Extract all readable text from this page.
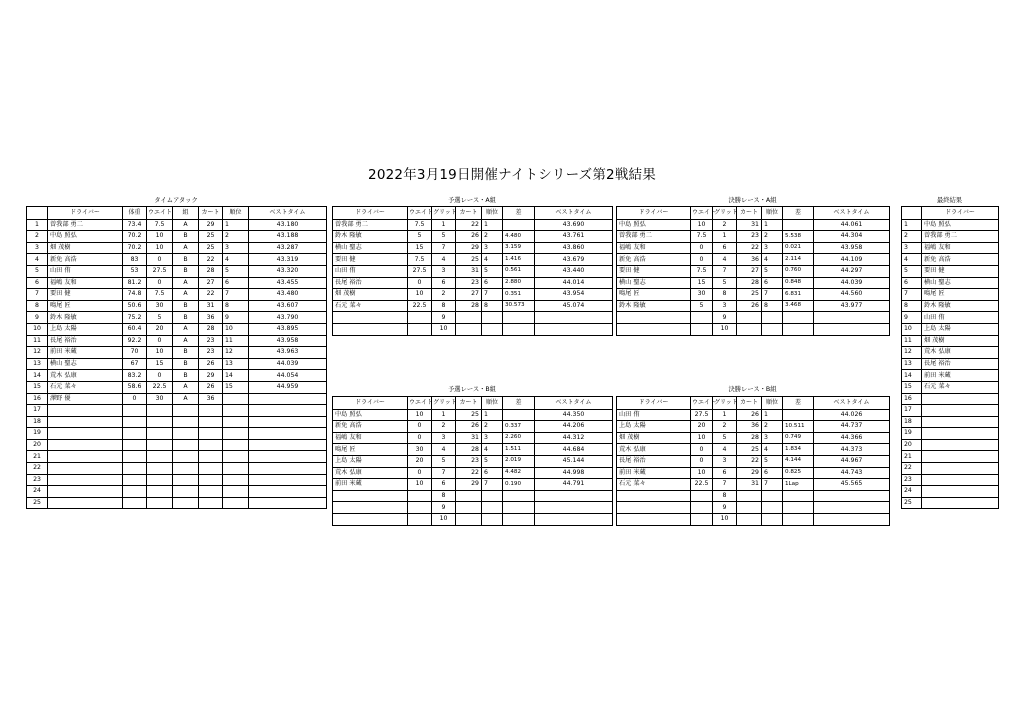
2022年3月19日開催ナイトシリーズ第2戦結果
タイムアタック
	ドライバー	体重	ウエイト	組	カート	順位	ベストタイム
1	曽我部 勇二	73.4	7.5	A	29	1	43.180
2	中島 照弘	70.2	10	B	25	2	43.188
3	畑 茂樹	70.2	10	A	25	3	43.287
4	新免 高浩	83	0	B	22	4	43.319
5	山田 侑	53	27.5	B	28	5	43.320
6	福嶋 友和	81.2	0	A	27	6	43.455
7	要田 健	74.8	7.5	A	22	7	43.480
8	鳴尾 匠	50.6	30	B	31	8	43.607
9	鈴木 隆敏	75.2	5	B	36	9	43.790
10	上島 太陽	60.4	20	A	28	10	43.895
11	長尾 裕治	92.2	0	A	23	11	43.958
12	前田 米蔵	70	10	B	23	12	43.963
13	横山 聖志	67	15	B	26	13	44.039
14	荒木 弘康	83.2	0	B	29	14	44.054
15	石元 菜々	58.6	22.5	A	26	15	44.959
16	澤野 優	0	30	A	36		
17							
18							
19							
20							
21							
22							
23							
24							
25							
予選レース・A組
ドライバー	ウエイト	グリッド	カート	順位	差	ベストタイム
曽我部 勇二	7.5	1	22	1		43.690
鈴木 隆敏	5	5	26	2	4.480	43.761
横山 聖志	15	7	29	3	3.159	43.860
要田 健	7.5	4	25	4	1.416	43.679
山田 侑	27.5	3	31	5	0.561	43.440
長尾 裕治	0	6	23	6	2.880	44.014
畑 茂樹	10	2	27	7	0.351	43.954
石元 菜々	22.5	8	28	8	30.573	45.074
		9				
		10				
決勝レース・A組
ドライバー	ウエイト	グリッド	カート	順位	差	ベストタイム
中島 照弘	10	2	31	1		44.061
曽我部 勇二	7.5	1	23	2	5.538	44.304
福嶋 友和	0	6	22	3	0.021	43.958
新免 高浩	0	4	36	4	2.114	44.109
要田 健	7.5	7	27	5	0.760	44.297
横山 聖志	15	5	28	6	0.848	44.039
鳴尾 匠	30	8	25	7	6.831	44.560
鈴木 隆敏	5	3	26	8	3.468	43.977
		9				
		10				
予選レース・B組
ドライバー	ウエイト	グリッド	カート	順位	差	ベストタイム
中島 照弘	10	1	25	1		44.350
新免 高浩	0	2	26	2	0.337	44.206
福嶋 友和	0	3	31	3	2.260	44.312
鳴尾 匠	30	4	28	4	1.511	44.684
上島 太陽	20	5	23	5	2.019	45.144
荒木 弘康	0	7	22	6	4.482	44.998
前田 米蔵	10	6	29	7	0.190	44.791
		8				
		9				
		10				
決勝レース・B組
ドライバー	ウエイト	グリッド	カート	順位	差	ベストタイム
山田 侑	27.5	1	26	1		44.026
上島 太陽	20	2	36	2	10.511	44.737
畑 茂樹	10	5	28	3	0.749	44.366
荒木 弘康	0	4	25	4	1.834	44.373
長尾 裕治	0	3	22	5	4.144	44.967
前田 米蔵	10	6	29	6	0.825	44.743
石元 菜々	22.5	7	31	7	1Lap	45.565
		8				
		9				
		10				
最終結果
	ドライバー
1	中島 照弘
2	曽我部 勇二
3	福嶋 友和
4	新免 高浩
5	要田 健
6	横山 聖志
7	鳴尾 匠
8	鈴木 隆敏
9	山田 侑
10	上島 太陽
11	畑 茂樹
12	荒木 弘康
13	長尾 裕治
14	前田 米蔵
15	石元 菜々
16	
17	
18	
19	
20	
21	
22	
23	
24	
25	
